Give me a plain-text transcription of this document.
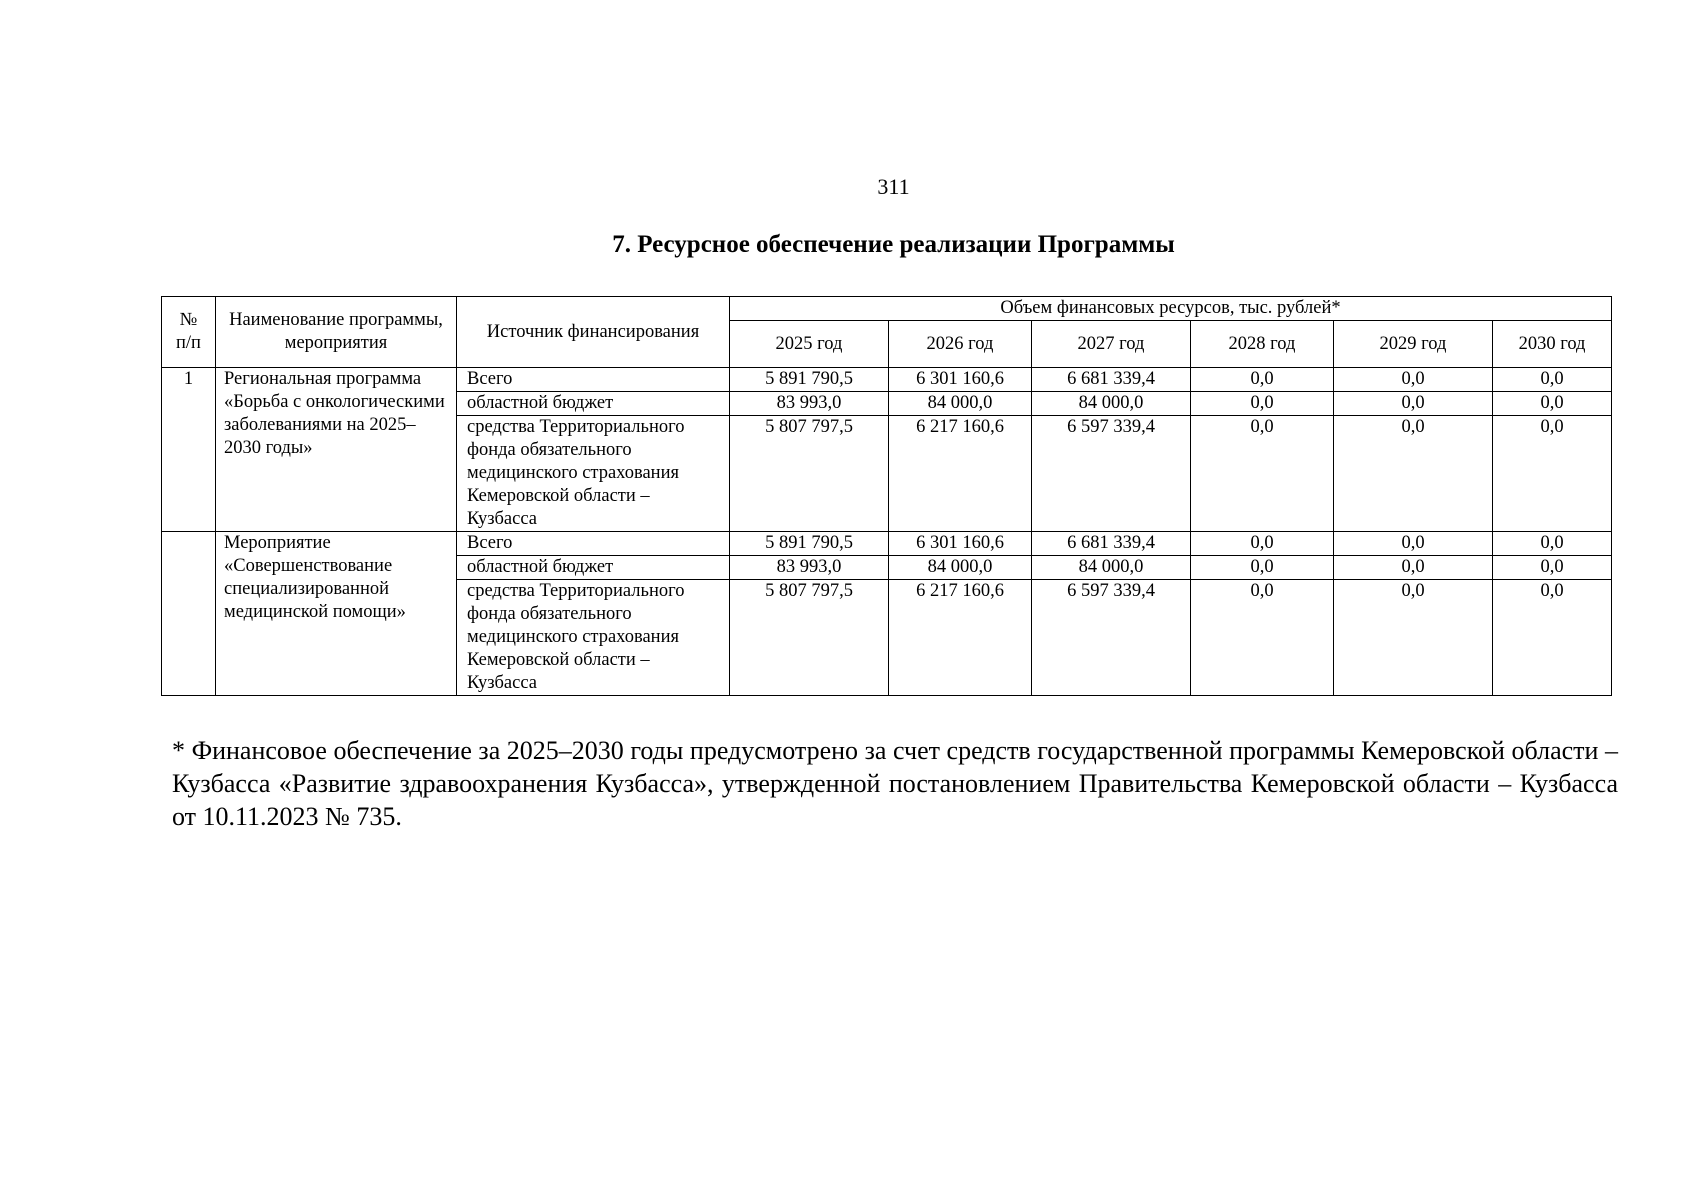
311
7. Ресурсное обеспечение реализации Программы
№ п/п	Наименование программы, мероприятия	Источник финансирования	Объем финансовых ресурсов, тыс. рублей*					
			2025 год	2026 год	2027 год	2028 год	2029 год	2030 год
1	Региональная программа «Борьба с онкологическими заболеваниями на 2025–2030 годы»	Всего	5 891 790,5	6 301 160,6	6 681 339,4	0,0	0,0	0,0
		областной бюджет	83 993,0	84 000,0	84 000,0	0,0	0,0	0,0
		средства Территориального фонда обязательного медицинского страхования Кемеровской области – Кузбасса	5 807 797,5	6 217 160,6	6 597 339,4	0,0	0,0	0,0
	Мероприятие «Совершенствование специализированной медицинской помощи»	Всего	5 891 790,5	6 301 160,6	6 681 339,4	0,0	0,0	0,0
		областной бюджет	83 993,0	84 000,0	84 000,0	0,0	0,0	0,0
		средства Территориального фонда обязательного медицинского страхования Кемеровской области – Кузбасса	5 807 797,5	6 217 160,6	6 597 339,4	0,0	0,0	0,0
* Финансовое обеспечение за 2025–2030 годы предусмотрено за счет средств государственной программы Кемеровской области – Кузбасса «Развитие здравоохранения Кузбасса», утвержденной постановлением Правительства Кемеровской области – Кузбасса от 10.11.2023 № 735.
